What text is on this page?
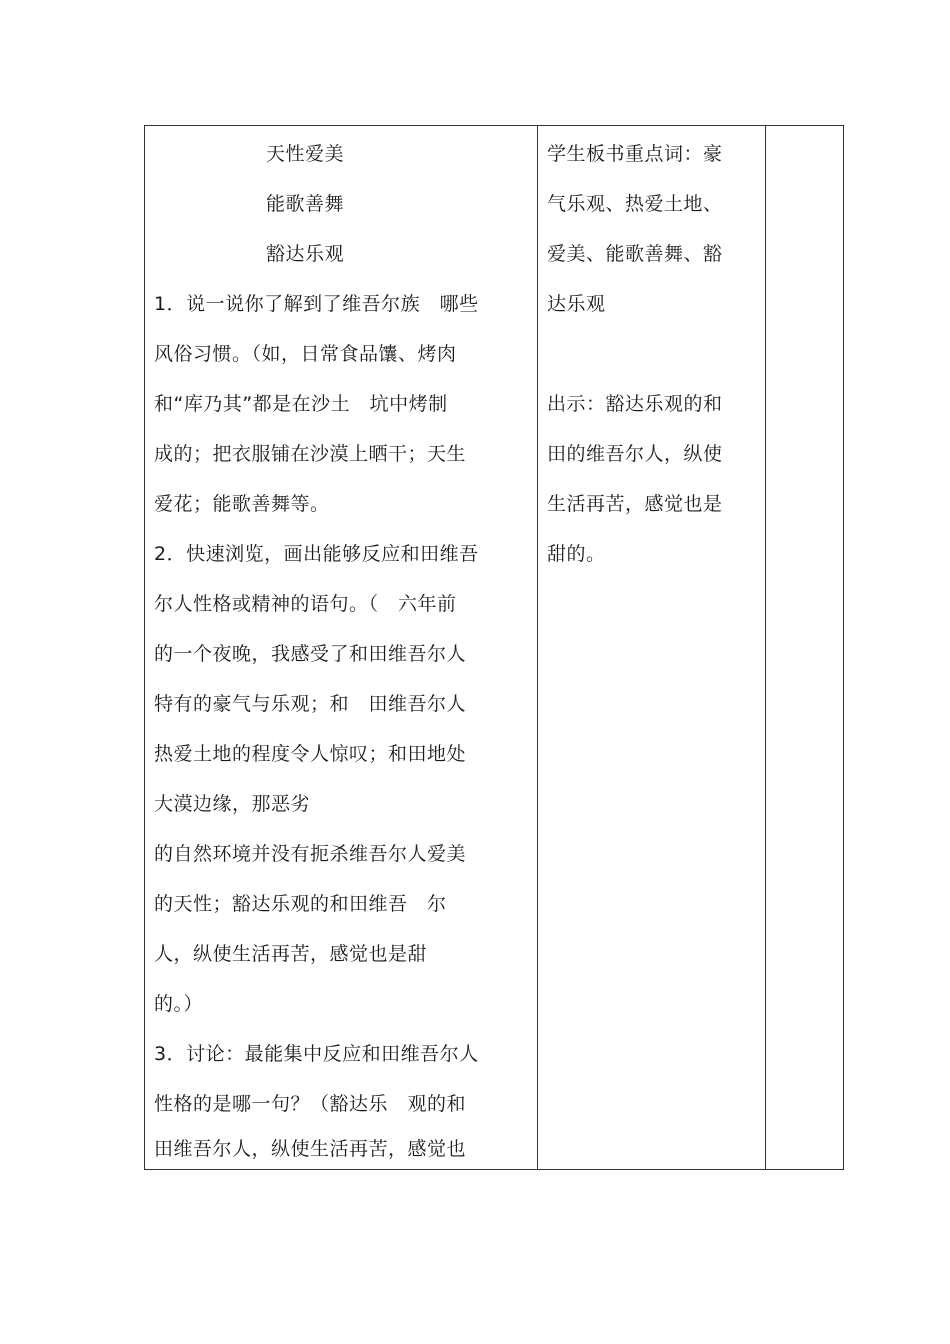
天性爱美
能歌善舞
豁达乐观
1．说一说你了解到了维吾尔族　哪些
风俗习惯。（如，日常食品馕、烤肉
和“库乃其”都是在沙土　坑中烤制
成的；把衣服铺在沙漠上晒干；天生
爱花；能歌善舞等。
2．快速浏览，画出能够反应和田维吾
尔人性格或精神的语句。（　六年前
的一个夜晚，我感受了和田维吾尔人
特有的豪气与乐观；和　田维吾尔人
热爱土地的程度令人惊叹；和田地处
大漠边缘，那恶劣
的自然环境并没有扼杀维吾尔人爱美
的天性；豁达乐观的和田维吾　尔
人，纵使生活再苦，感觉也是甜
的。）
3．讨论：最能集中反应和田维吾尔人
性格的是哪一句？（豁达乐　观的和
田维吾尔人，纵使生活再苦，感觉也
学生板书重点词：豪
气乐观、热爱土地、
爱美、能歌善舞、豁
达乐观
出示：豁达乐观的和
田的维吾尔人，纵使
生活再苦，感觉也是
甜的。
